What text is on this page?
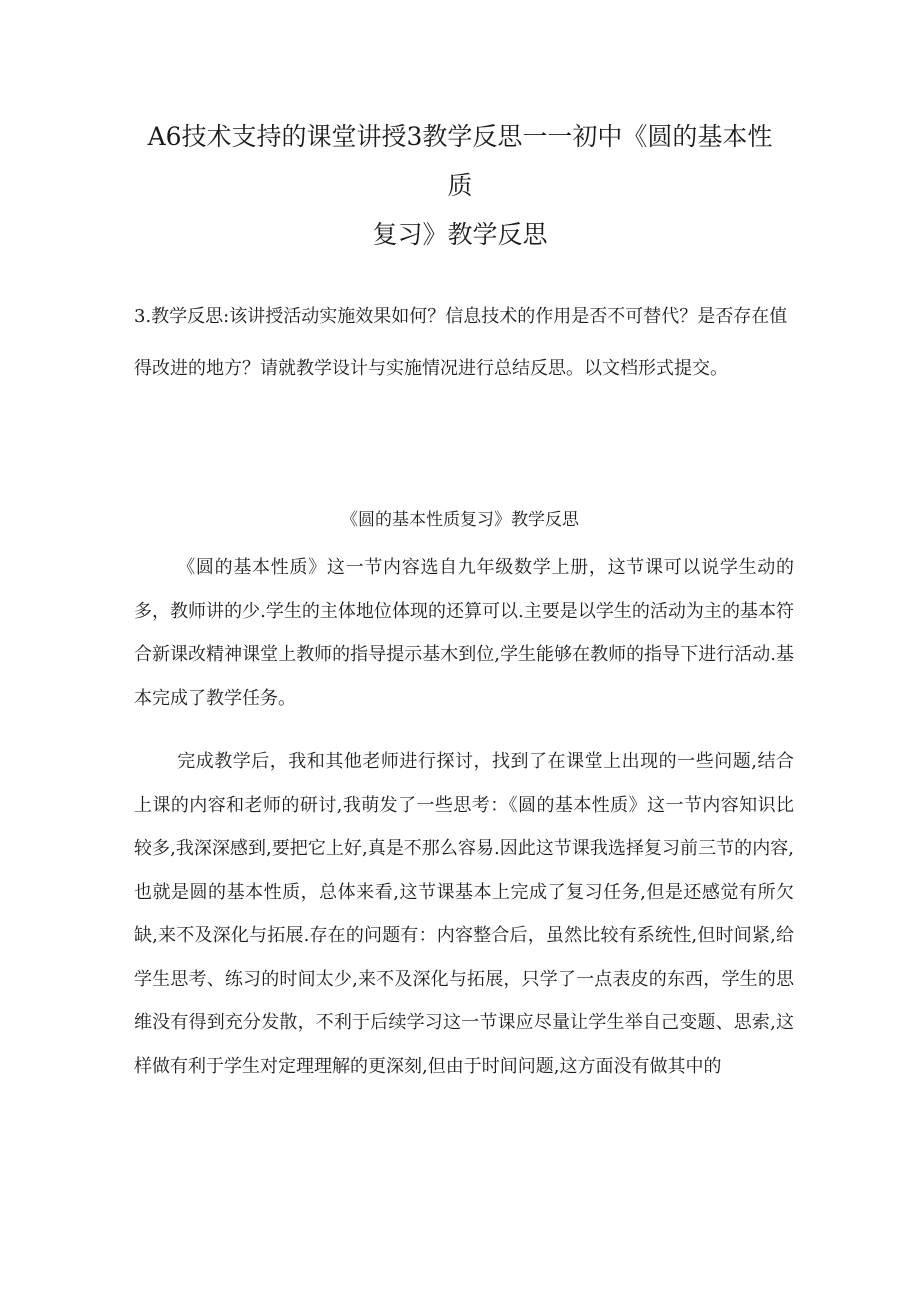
A6技术支持的课堂讲授3教学反思一一初中《圆的基本性
质
复习》教学反思

3.教学反思:该讲授活动实施效果如何？信息技术的作用是否不可替代？是否存在值得改进的地方？请就教学设计与实施情况进行总结反思。以文档形式提交。

《圆的基本性质复习》教学反思

《圆的基本性质》这一节内容选自九年级数学上册，这节课可以说学生动的多，教师讲的少.学生的主体地位体现的还算可以.主要是以学生的活动为主的基本符合新课改精神课堂上教师的指导提示基木到位,学生能够在教师的指导下进行活动.基本完成了教学任务。

完成教学后，我和其他老师进行探讨，找到了在课堂上出现的一些问题,结合上课的内容和老师的研讨,我萌发了一些思考：《圆的基本性质》这一节内容知识比较多,我深深感到,要把它上好,真是不那么容易.因此这节课我选择复习前三节的内容,也就是圆的基本性质，总体来看,这节课基本上完成了复习任务,但是还感觉有所欠缺,来不及深化与拓展.存在的问题有：内容整合后，虽然比较有系统性,但时间紧,给学生思考、练习的时间太少,来不及深化与拓展，只学了一点表皮的东西，学生的思维没有得到充分发散，不利于后续学习这一节课应尽量让学生举自己变题、思索,这样做有利于学生对定理理解的更深刻,但由于时间问题,这方面没有做其中的
